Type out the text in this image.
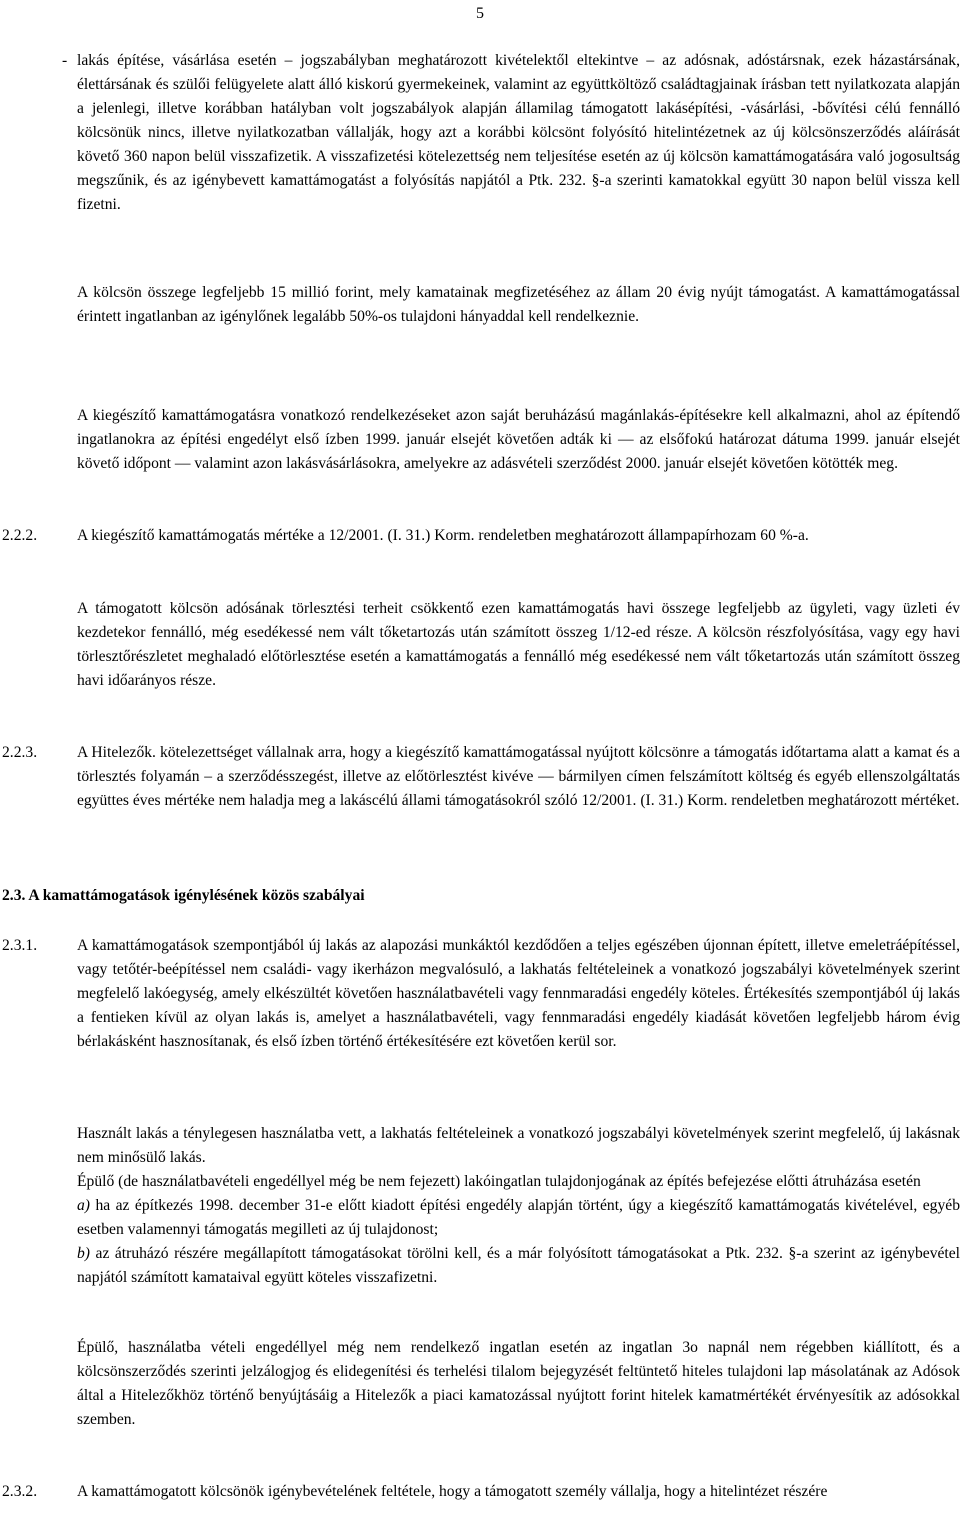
5
- lakás építése, vásárlása esetén – jogszabályban meghatározott kivételektől eltekintve – az adósnak, adóstársnak, ezek házastársának, élettársának és szülői felügyelete alatt álló kiskorú gyermekeinek, valamint az együttköltöző családtagjainak írásban tett nyilatkozata alapján a jelenlegi, illetve korábban hatályban volt jogszabályok alapján államilag támogatott lakásépítési, -vásárlási, -bővítési célú fennálló kölcsönük nincs, illetve nyilatkozatban vállalják, hogy azt a korábbi kölcsönt folyósító hitelintézetnek az új kölcsönszerződés aláírását követő 360 napon belül visszafizetik. A visszafizetési kötelezettség nem teljesítése esetén az új kölcsön kamattámogatására való jogosultság megszűnik, és az igénybevett kamattámogatást a folyósítás napjától a Ptk. 232. §-a szerinti kamatokkal együtt 30 napon belül vissza kell fizetni.
A kölcsön összege legfeljebb 15 millió forint, mely kamatainak megfizetéséhez az állam 20 évig nyújt támogatást. A kamattámogatással érintett ingatlanban az igénylőnek legalább 50%-os tulajdoni hányaddal kell rendelkeznie.
A kiegészítő kamattámogatásra vonatkozó rendelkezéseket azon saját beruházású magánlakás-építésekre kell alkalmazni, ahol az építendő ingatlanokra az építési engedélyt első ízben 1999. január elsejét követően adták ki — az elsőfokú határozat dátuma 1999. január elsejét követő időpont — valamint azon lakásvásárlásokra, amelyekre az adásvételi szerződést 2000. január elsejét követően kötötték meg.
2.2.2.	A kiegészítő kamattámogatás mértéke a 12/2001. (I. 31.) Korm. rendeletben meghatározott állampapírhozam 60 %-a.
A támogatott kölcsön adósának törlesztési terheit csökkentő ezen kamattámogatás havi összege legfeljebb az ügyleti, vagy üzleti év kezdetekor fennálló, még esedékessé nem vált tőketartozás után számított összeg 1/12-ed része. A kölcsön részfolyósítása, vagy egy havi törlesztőrészletet meghaladó előtörlesztése esetén a kamattámogatás a fennálló még esedékessé nem vált tőketartozás után számított összeg havi időarányos része.
2.2.3.	A Hitelezők. kötelezettséget vállalnak arra, hogy a kiegészítő kamattámogatással nyújtott kölcsönre a támogatás időtartama alatt a kamat és a törlesztés folyamán – a szerződésszegést, illetve az előtörlesztést kivéve — bármilyen címen felszámított költség és egyéb ellenszolgáltatás együttes éves mértéke nem haladja meg a lakáscélú állami támogatásokról szóló 12/2001. (I. 31.) Korm. rendeletben meghatározott mértéket.
2.3. A kamattámogatások igénylésének közös szabályai
2.3.1.	A kamattámogatások szempontjából új lakás az alapozási munkáktól kezdődően a teljes egészében újonnan épített, illetve emeletráépítéssel, vagy tetőtér-beépítéssel nem családi- vagy ikerházon megvalósuló, a lakhatás feltételeinek a vonatkozó jogszabályi követelmények szerint megfelelő lakóegység, amely elkészültét követően használatbavételi vagy fennmaradási engedély köteles. Értékesítés szempontjából új lakás a fentieken kívül az olyan lakás is, amelyet a használatbavételi, vagy fennmaradási engedély kiadását követően legfeljebb három évig bérlakásként hasznosítanak, és első ízben történő értékesítésére ezt követően kerül sor.
Használt lakás a ténylegesen használatba vett, a lakhatás feltételeinek a vonatkozó jogszabályi követelmények szerint megfelelő, új lakásnak nem minősülő lakás.

Épülő (de használatbavételi engedéllyel még be nem fejezett) lakóingatlan tulajdonjogának az építés befejezése előtti átruházása esetén

a) ha az építkezés 1998. december 31-e előtt kiadott építési engedély alapján történt, úgy a kiegészítő kamattámogatás kivételével, egyéb esetben valamennyi támogatás megilleti az új tulajdonost;

b) az átruházó részére megállapított támogatásokat törölni kell, és a már folyósított támogatásokat a Ptk. 232. §-a szerint az igénybevétel napjától számított kamataival együtt köteles visszafizetni.

Épülő, használatba vételi engedéllyel még nem rendelkező ingatlan esetén az ingatlan 3o napnál nem régebben kiállított, és a kölcsönszerződés szerinti jelzálogjog és elidegenítési és terhelési tilalom bejegyzését feltüntető hiteles tulajdoni lap másolatának az Adósok által a Hitelezőkhöz történő benyújtásáig a Hitelezők a piaci kamatozással nyújtott forint hitelek kamatmértékét érvényesítik az adósokkal szemben.
2.3.2.	A kamattámogatott kölcsönök igénybevételének feltétele, hogy a támogatott személy vállalja, hogy a hitelintézet részére
